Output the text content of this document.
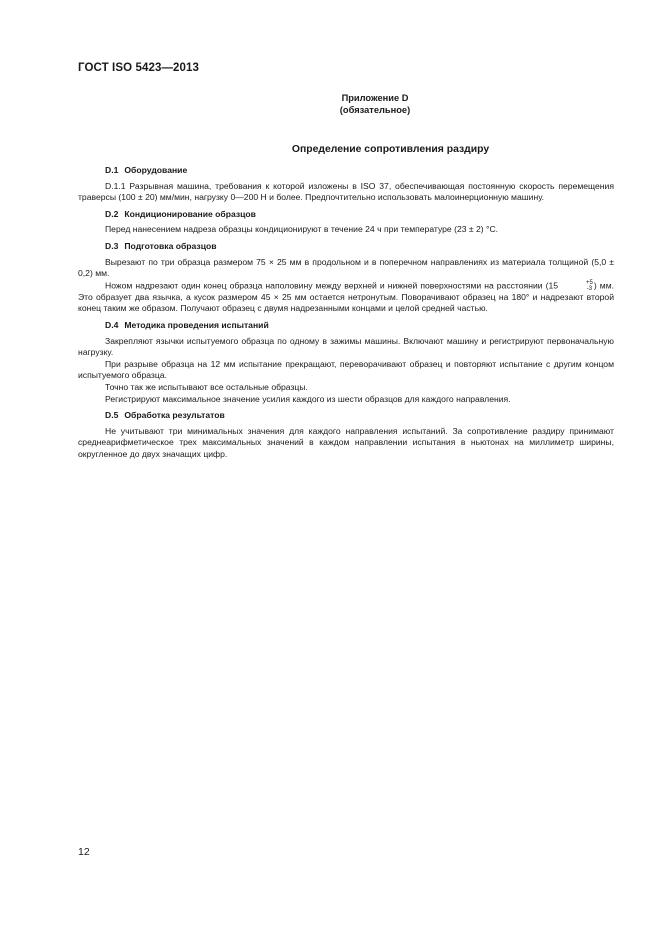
ГОСТ ISO 5423—2013
Приложение D
(обязательное)
Определение сопротивления раздиру
D.1 Оборудование

D.1.1 Разрывная машина, требования к которой изложены в ISO 37, обеспечивающая постоянную скорость перемещения траверсы (100 ± 20) мм/мин, нагрузку 0—200 Н и более. Предпочтительно использовать малоинерционную машину.

D.2 Кондиционирование образцов

Перед нанесением надреза образцы кондиционируют в течение 24 ч при температуре (23 ± 2) °С.

D.3 Подготовка образцов

Вырезают по три образца размером 75 × 25 мм в продольном и в поперечном направлениях из материала толщиной (5,0 ± 0,2) мм.

Ножом надрезают один конец образца наполовину между верхней и нижней поверхностями на расстоянии (15	+5
-3 ) мм. Это образует два язычка, а кусок размером 45 × 25 мм остается нетронутым. Поворачивают образец на 180° и надрезают второй конец таким же образом. Получают образец с двумя надрезанными концами и целой средней частью.

D.4 Методика проведения испытаний

Закрепляют язычки испытуемого образца по одному в зажимы машины. Включают машину и регистрируют первоначальную нагрузку.

При разрыве образца на 12 мм испытание прекращают, переворачивают образец и повторяют испытание с другим концом испытуемого образца.

Точно так же испытывают все остальные образцы.

Регистрируют максимальное значение усилия каждого из шести образцов для каждого направления.

D.5 Обработка результатов

Не учитывают три минимальных значения для каждого направления испытаний. За сопротивление раздиру принимают среднеарифметическое трех максимальных значений в каждом направлении испытания в ньютонах на миллиметр ширины, округленное до двух значащих цифр.

12
